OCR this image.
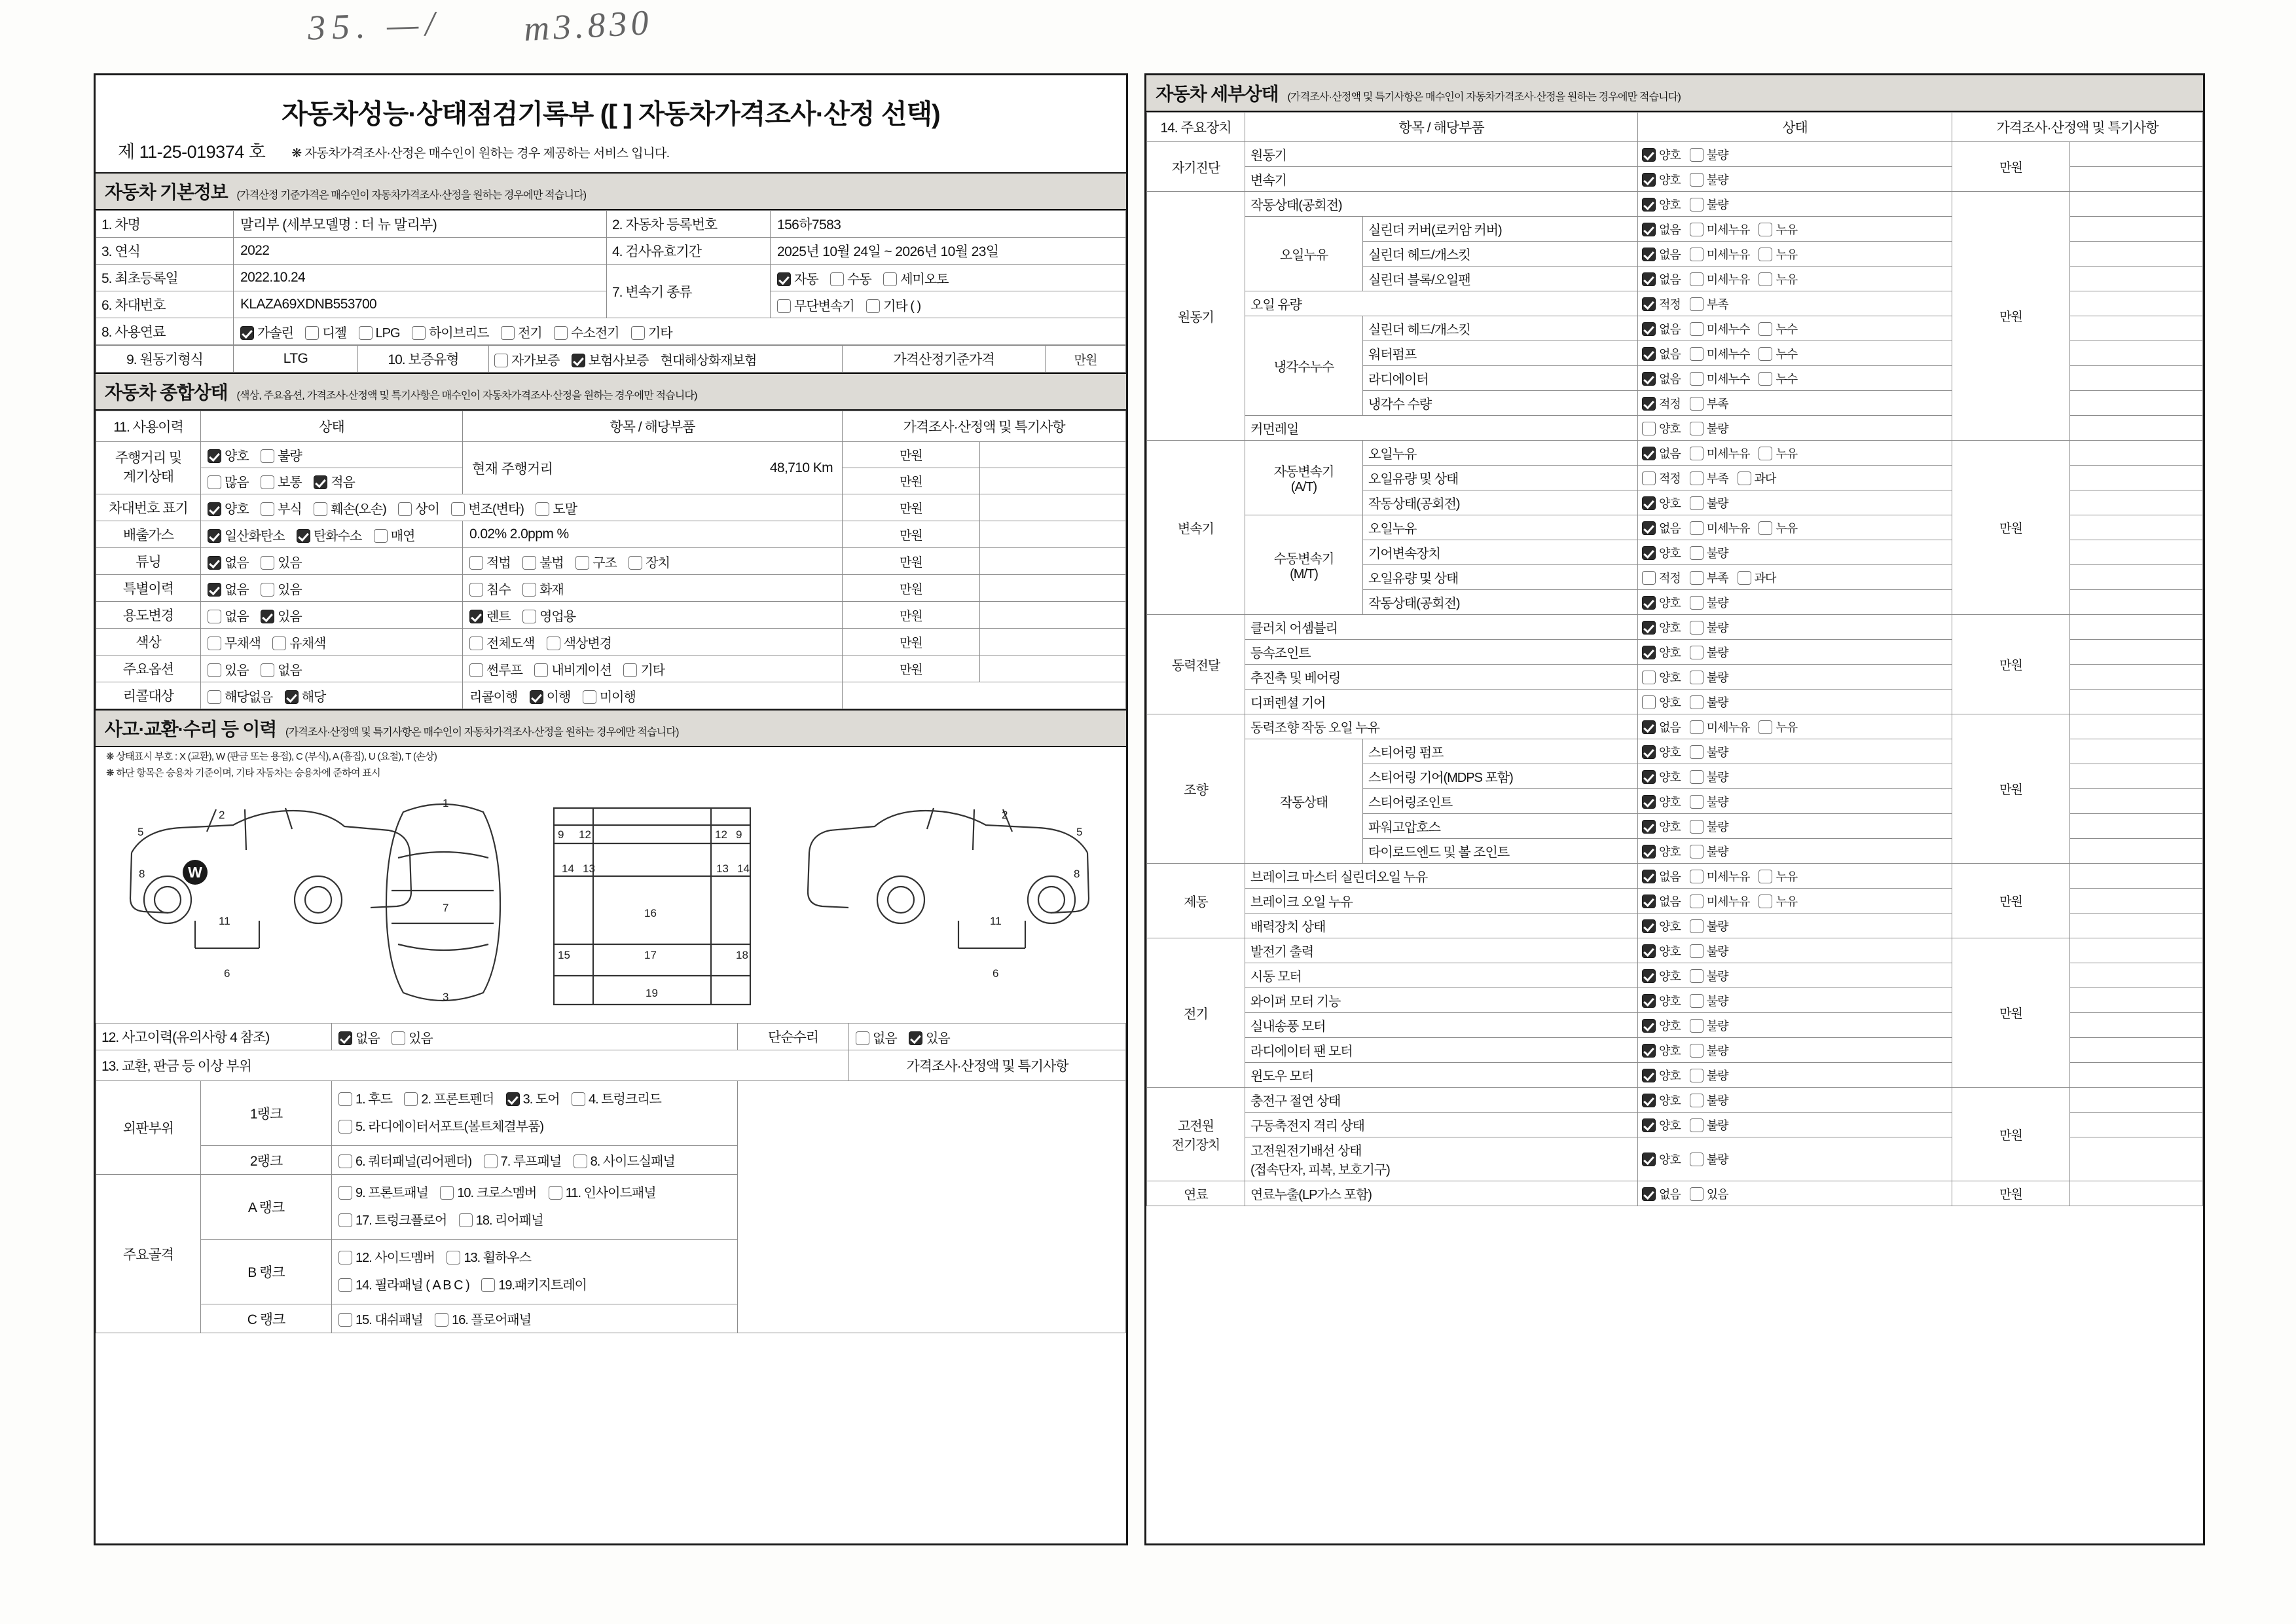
35. —/ m3.830
자동차성능·상태점검기록부 ([ ] 자동차가격조사·산정 선택)
제 11-25-019374 호 ❋ 자동차가격조사·산정은 매수인이 원하는 경우 제공하는 서비스 입니다.
자동차 기본정보 (가격산정 기준가격은 매수인이 자동차가격조사·산정을 원하는 경우에만 적습니다)
1. 차명	말리부 (세부모델명 : 더 뉴 말리부)	2. 자동차 등록번호	156하7583
3. 연식	2022	4. 검사유효기간	2025년 10월 24일 ~ 2026년 10월 23일
5. 최초등록일	2022.10.24	7. 변속기 종류	자동 수동 세미오토
6. 차대번호	KLAZA69XDNB553700		무단변속기 기타 ( )
8. 사용연료	가솔린 디젤 LPG 하이브리드 전기 수소전기 기타		
9. 원동기형식	LTG	10. 보증유형	자가보증 보험사보증 현대해상화재보험	가격산정기준가격	만원
자동차 종합상태 (색상, 주요옵션, 가격조사·산정액 및 특기사항은 매수인이 자동차가격조사·산정을 원하는 경우에만 적습니다)
11. 사용이력	상태	항목 / 해당부품	가격조사·산정액 및 특기사항	
주행거리 및
계기상태	양호 불량	현재 주행거리 48,710 Km	만원	
	많음 보통 적음		만원	
차대번호 표기	양호 부식 훼손(오손) 상이 변조(변타) 도말		만원	
배출가스	일산화탄소 탄화수소 매연	0.02% 2.0ppm %	만원	
튜닝	없음 있음	적법 불법 구조 장치	만원	
특별이력	없음 있음	침수 화재	만원	
용도변경	없음 있음	렌트 영업용	만원	
색상	무채색 유채색	전체도색 색상변경	만원	
주요옵션	있음 없음	썬루프 내비게이션 기타	만원	
리콜대상	해당없음 해당	리콜이행 이행 미이행		
사고·교환·수리 등 이력 (가격조사·산정액 및 특기사항은 매수인이 자동차가격조사·산정을 원하는 경우에만 적습니다)
❋ 상태표시 부호 : X (교환), W (판금 또는 용접), C (부식), A (흠집), U (요철), T (손상)
❋ 하단 항목은 승용차 기준이며, 기타 자동차는 승용차에 준하여 표시
W
2
5
8
11
6
1
7
3
9 12
14 13
12 9
13 14
16
15	17	18
19
2
5
8
11
6
12. 사고이력(유의사항 4 참조)		없음 있음	단순수리	없음 있음
13. 교환, 판금 등 이상 부위				가격조사·산정액 및 특기사항
외판부위	1랭크	1. 후드 2. 프론트펜더 3. 도어 4. 트렁크리드
5. 라디에이터서포트(볼트체결부품)		
	2랭크	6. 쿼터패널(리어펜더) 7. 루프패널 8. 사이드실패널		
주요골격	A 랭크	9. 프론트패널 10. 크로스멤버 11. 인사이드패널
17. 트렁크플로어 18. 리어패널		
	B 랭크	12. 사이드멤버 13. 휠하우스
14. 필라패널 ( A B C ) 19.패키지트레이		
	C 랭크	15. 대쉬패널 16. 플로어패널		
자동차 세부상태 (가격조사·산정액 및 특기사항은 매수인이 자동차가격조사·산정을 원하는 경우에만 적습니다)
14. 주요장치	항목 / 해당부품		상태	가격조사·산정액 및 특기사항	
자기진단	원동기		양호 불량	만원	
	변속기		양호 불량		
원동기	작동상태(공회전)		양호 불량	만원	
	오일누유	실린더 커버(로커암 커버)	없음 미세누유 누유		
		실린더 헤드/개스킷	없음 미세누유 누유		
		실린더 블록/오일팬	없음 미세누유 누유		
	오일 유량		적정 부족		
	냉각수누수	실린더 헤드/개스킷	없음 미세누수 누수		
		워터펌프	없음 미세누수 누수		
		라디에이터	없음 미세누수 누수		
		냉각수 수량	적정 부족		
	커먼레일		양호 불량		
변속기	자동변속기
(A/T)	오일누유	없음 미세누유 누유	만원	
		오일유량 및 상태	적정 부족 과다		
		작동상태(공회전)	양호 불량		
	수동변속기
(M/T)	오일누유	없음 미세누유 누유		
		기어변속장치	양호 불량		
		오일유량 및 상태	적정 부족 과다		
		작동상태(공회전)	양호 불량		
동력전달	클러치 어셈블리		양호 불량	만원	
	등속조인트		양호 불량		
	추진축 및 베어링		양호 불량		
	디퍼렌셜 기어		양호 불량		
조향	동력조향 작동 오일 누유		없음 미세누유 누유	만원	
	작동상태	스티어링 펌프	양호 불량		
		스티어링 기어(MDPS 포함)	양호 불량		
		스티어링조인트	양호 불량		
		파워고압호스	양호 불량		
		타이로드엔드 및 볼 조인트	양호 불량		
제동	브레이크 마스터 실린더오일 누유		없음 미세누유 누유	만원	
	브레이크 오일 누유		없음 미세누유 누유		
	배력장치 상태		양호 불량		
전기	발전기 출력		양호 불량	만원	
	시동 모터		양호 불량		
	와이퍼 모터 기능		양호 불량		
	실내송풍 모터		양호 불량		
	라디에이터 팬 모터		양호 불량		
	윈도우 모터		양호 불량		
고전원
전기장치	충전구 절연 상태		양호 불량	만원	
	구동축전지 격리 상태		양호 불량		
	고전원전기배선 상태
(접속단자, 피복, 보호기구)		양호 불량		
연료	연료누출(LP가스 포함)		없음 있음	만원	
